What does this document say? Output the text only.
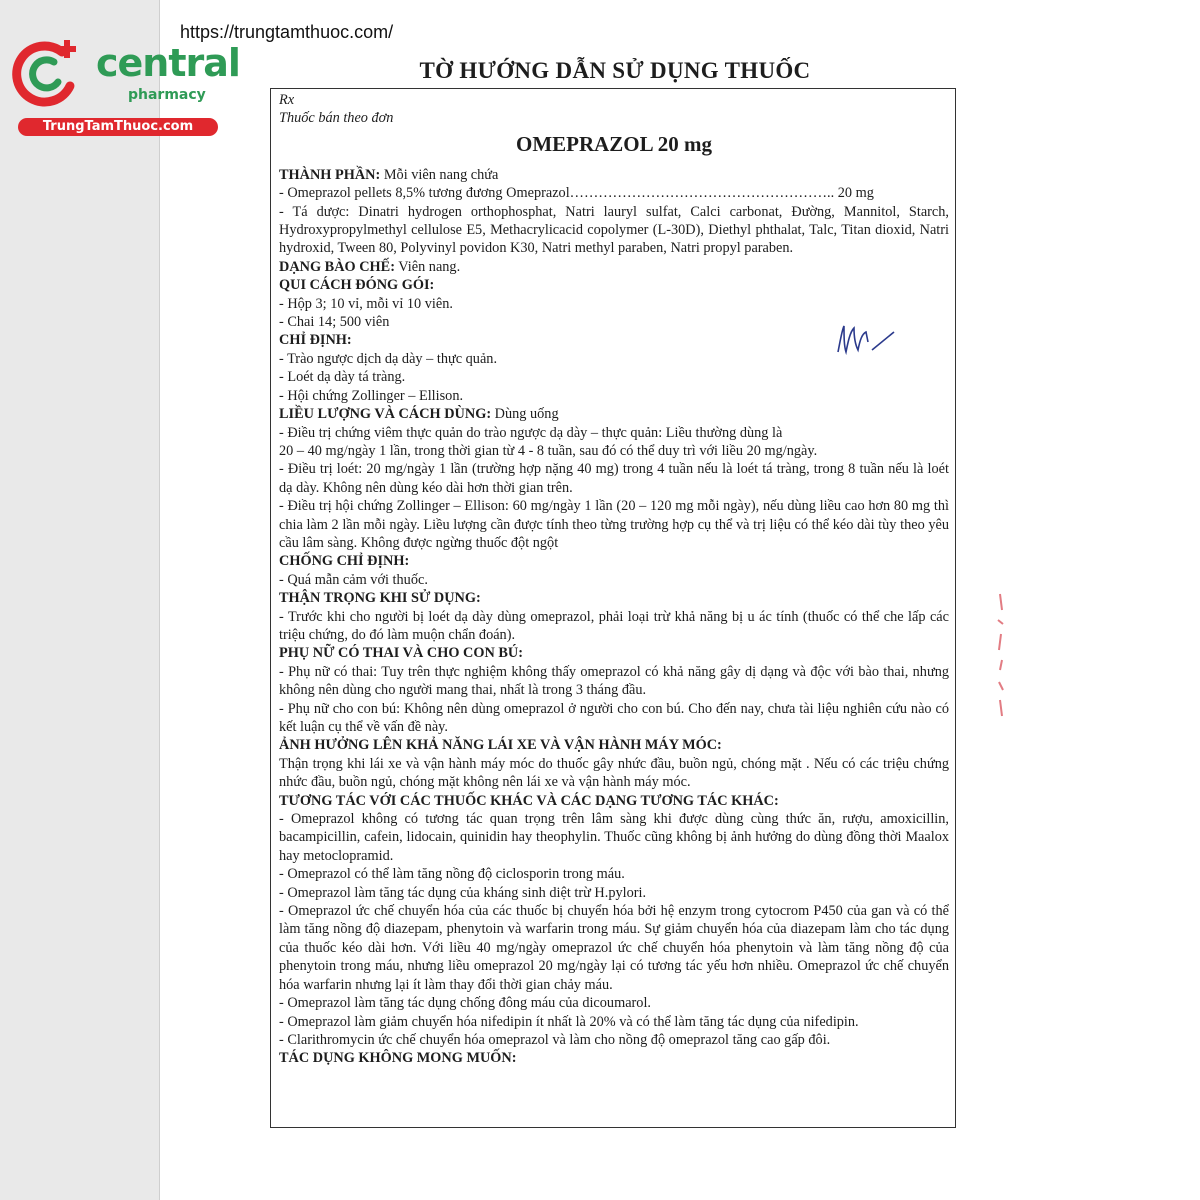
central
pharmacy
TrungTamThuoc.com
https://trungtamthuoc.com/
TỜ HƯỚNG DẪN SỬ DỤNG THUỐC
Rx
Thuốc bán theo đơn
OMEPRAZOL 20 mg
THÀNH PHẦN: Mỗi viên nang chứa

- Omeprazol pellets 8,5% tương đương Omeprazol……………………………………………….. 20 mg

- Tá dược: Dinatri hydrogen orthophosphat, Natri lauryl sulfat, Calci carbonat, Đường, Mannitol, Starch, Hydroxypropylmethyl cellulose E5, Methacrylicacid copolymer (L-30D), Diethyl phthalat, Talc, Titan dioxid, Natri hydroxid, Tween 80, Polyvinyl povidon K30, Natri methyl paraben, Natri propyl paraben.

DẠNG BÀO CHẾ: Viên nang.
QUI CÁCH ĐÓNG GÓI:

- Hộp 3; 10 vỉ, mỗi vỉ 10 viên.

- Chai 14; 500 viên

CHỈ ĐỊNH:

- Trào ngược dịch dạ dày – thực quản.

- Loét dạ dày tá tràng.

- Hội chứng Zollinger – Ellison.

LIỀU LƯỢNG VÀ CÁCH DÙNG: Dùng uống

- Điều trị chứng viêm thực quản do trào ngược dạ dày – thực quản: Liều thường dùng là

20 – 40 mg/ngày 1 lần, trong thời gian từ 4 - 8 tuần, sau đó có thể duy trì với liều 20 mg/ngày.

- Điều trị loét: 20 mg/ngày 1 lần (trường hợp nặng 40 mg) trong 4 tuần nếu là loét tá tràng, trong 8 tuần nếu là loét dạ dày. Không nên dùng kéo dài hơn thời gian trên.

- Điều trị hội chứng Zollinger – Ellison: 60 mg/ngày 1 lần (20 – 120 mg mỗi ngày), nếu dùng liều cao hơn 80 mg thì chia làm 2 lần mỗi ngày. Liều lượng cần được tính theo từng trường hợp cụ thể và trị liệu có thể kéo dài tùy theo yêu cầu lâm sàng. Không được ngừng thuốc đột ngột

CHỐNG CHỈ ĐỊNH:

- Quá mẫn cảm với thuốc.

THẬN TRỌNG KHI SỬ DỤNG:

- Trước khi cho người bị loét dạ dày dùng omeprazol, phải loại trừ khả năng bị u ác tính (thuốc có thể che lấp các triệu chứng, do đó làm muộn chẩn đoán).

PHỤ NỮ CÓ THAI VÀ CHO CON BÚ:

- Phụ nữ có thai: Tuy trên thực nghiệm không thấy omeprazol có khả năng gây dị dạng và độc với bào thai, nhưng không nên dùng cho người mang thai, nhất là trong 3 tháng đầu.

- Phụ nữ cho con bú: Không nên dùng omeprazol ở người cho con bú. Cho đến nay, chưa tài liệu nghiên cứu nào có kết luận cụ thể về vấn đề này.

ẢNH HƯỞNG LÊN KHẢ NĂNG LÁI XE VÀ VẬN HÀNH MÁY MÓC:

Thận trọng khi lái xe và vận hành máy móc do thuốc gây nhức đầu, buồn ngủ, chóng mặt . Nếu có các triệu chứng nhức đầu, buồn ngủ, chóng mặt không nên lái xe và vận hành máy móc.

TƯƠNG TÁC VỚI CÁC THUỐC KHÁC VÀ CÁC DẠNG TƯƠNG TÁC KHÁC:

- Omeprazol không có tương tác quan trọng trên lâm sàng khi được dùng cùng thức ăn, rượu, amoxicillin, bacampicillin, cafein, lidocain, quinidin hay theophylin. Thuốc cũng không bị ảnh hưởng do dùng đồng thời Maalox hay metoclopramid.

- Omeprazol có thể làm tăng nồng độ ciclosporin trong máu.

- Omeprazol làm tăng tác dụng của kháng sinh diệt trừ H.pylori.

- Omeprazol ức chế chuyển hóa của các thuốc bị chuyển hóa bởi hệ enzym trong cytocrom P450 của gan và có thể làm tăng nồng độ diazepam, phenytoin và warfarin trong máu. Sự giảm chuyển hóa của diazepam làm cho tác dụng của thuốc kéo dài hơn. Với liều 40 mg/ngày omeprazol ức chế chuyển hóa phenytoin và làm tăng nồng độ của phenytoin trong máu, nhưng liều omeprazol 20 mg/ngày lại có tương tác yếu hơn nhiều. Omeprazol ức chế chuyển hóa warfarin nhưng lại ít làm thay đổi thời gian chảy máu.

- Omeprazol làm tăng tác dụng chống đông máu của dicoumarol.

- Omeprazol làm giảm chuyển hóa nifedipin ít nhất là 20% và có thể làm tăng tác dụng của nifedipin.

- Clarithromycin ức chế chuyển hóa omeprazol và làm cho nồng độ omeprazol tăng cao gấp đôi.

TÁC DỤNG KHÔNG MONG MUỐN:
